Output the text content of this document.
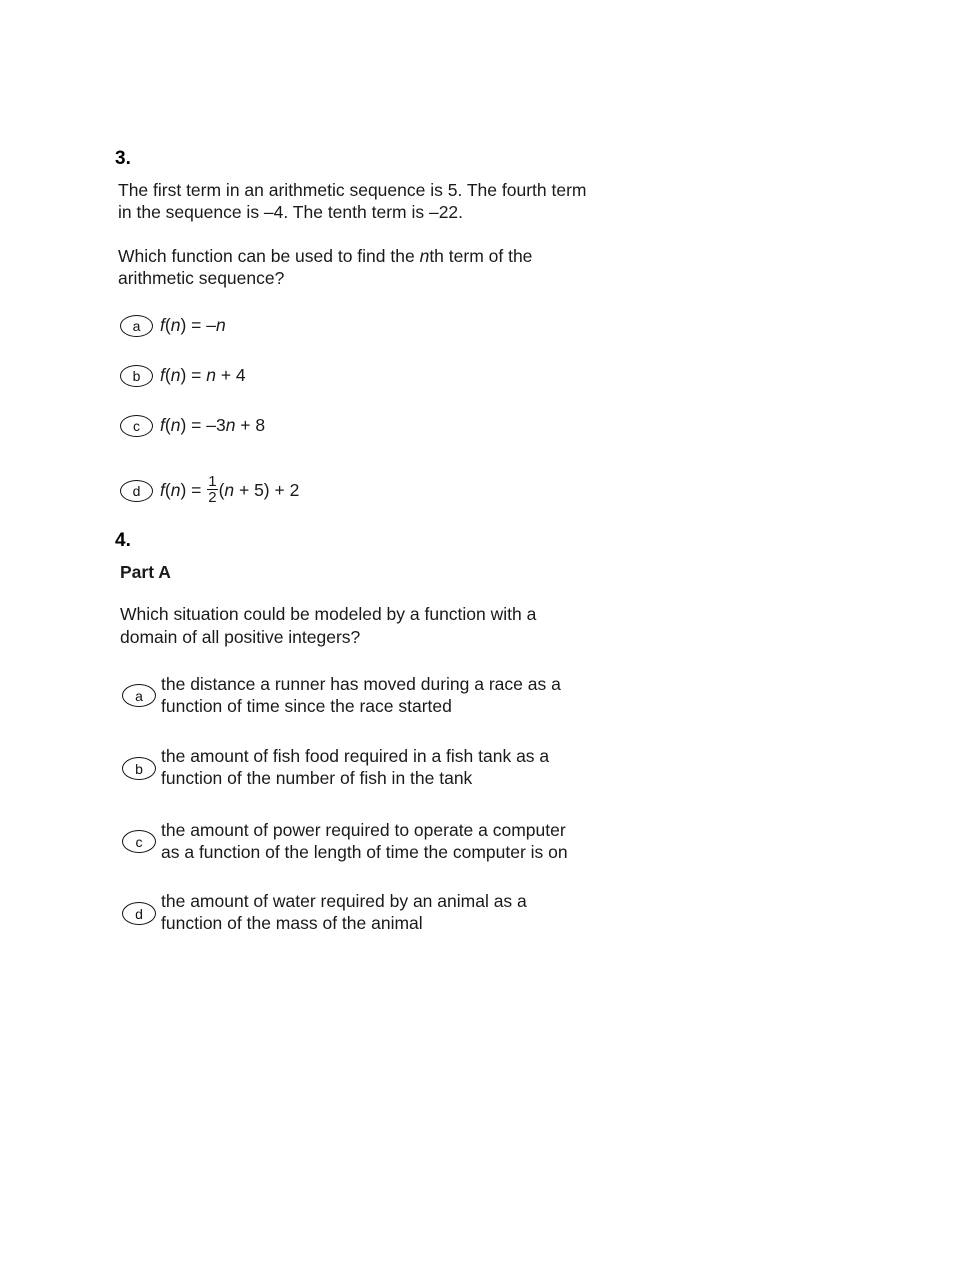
3.
The first term in an arithmetic sequence is 5. The fourth term
in the sequence is –4. The tenth term is –22.
Which function can be used to find the nth term of the
arithmetic sequence?
a	f(n) = –n
b	f(n) = n + 4
c	f(n) = –3n + 8
d	f ( n ) = $\frac{1}{2}$ ( n + 5) + 2
4.
Part A
Which situation could be modeled by a function with a
domain of all positive integers?
a
the distance a runner has moved during a race as a
function of time since the race started
b
the amount of fish food required in a fish tank as a
function of the number of fish in the tank
c
the amount of power required to operate a computer
as a function of the length of time the computer is on
d
the amount of water required by an animal as a
function of the mass of the animal
